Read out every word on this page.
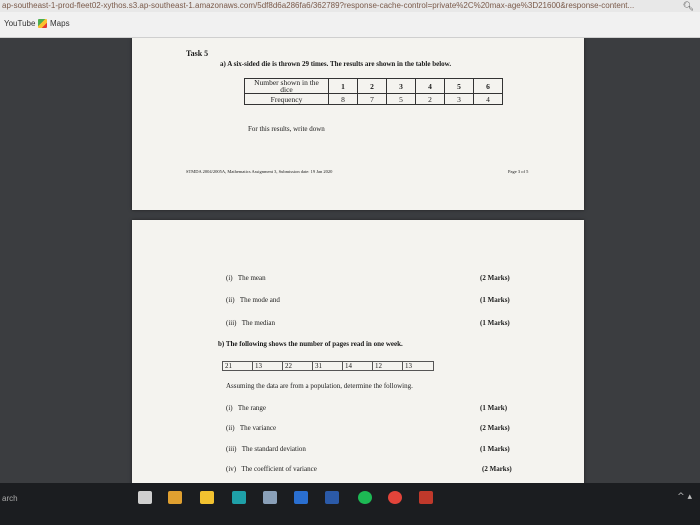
ap-southeast-1-prod-fleet02-xythos.s3.ap-southeast-1.amazonaws.com/5df8d6a286fa6/362789?response-cache-control=private%2C%20max-age%3D21600&response-content...	🔍︎
YouTube Maps
Task 5
a) A six-sided die is thrown 29 times. The results are shown in the table below.
Number shown in the dice	1	2	3	4	5	6
Frequency	8	7	5	2	3	4
For this results, write down
STMDA 2004/2005A, Mathematics Assignment 3, Submission date: 19 Jan 2020	Page 3 of 5
(i) The mean	(2 Marks)
(ii) The mode and	(1 Marks)
(iii) The median	(1 Marks)
b) The following shows the number of pages read in one week.
21	13	22	31	14	12	13
Assuming the data are from a population, determine the following.
(i) The range	(1 Mark)
(ii) The variance	(2 Marks)
(iii) The standard deviation	(1 Marks)
(iv) The coefficient of variance	(2 Marks)
arch	^ ▴
